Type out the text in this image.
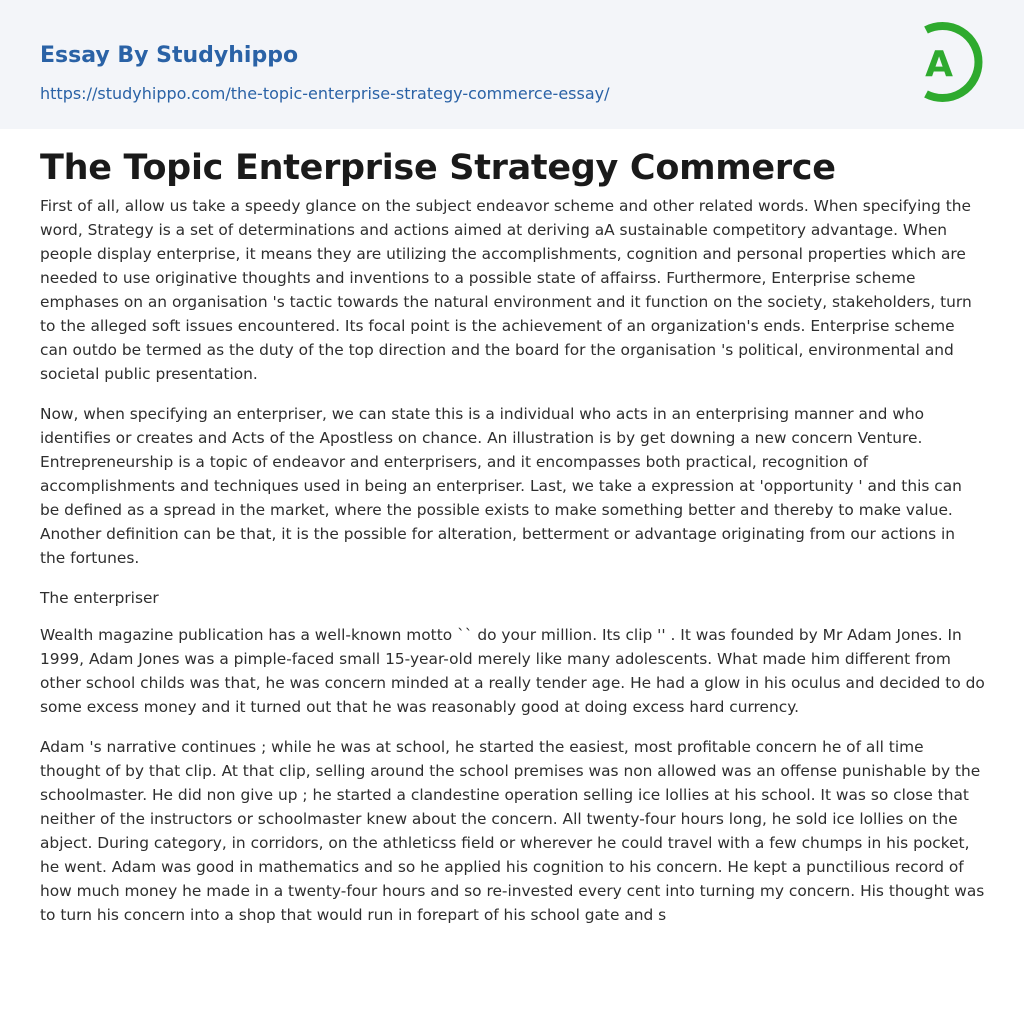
Essay By Studyhippo
https://studyhippo.com/the-topic-enterprise-strategy-commerce-essay/
A
The Topic Enterprise Strategy Commerce

First of all, allow us take a speedy glance on the subject endeavor scheme and other related words. When specifying the word, Strategy is a set of determinations and actions aimed at deriving aA sustainable competitory advantage. When people display enterprise, it means they are utilizing the accomplishments, cognition and personal properties which are needed to use originative thoughts and inventions to a possible state of affairss. Furthermore, Enterprise scheme emphases on an organisation 's tactic towards the natural environment and it function on the society, stakeholders, turn to the alleged soft issues encountered. Its focal point is the achievement of an organization's ends. Enterprise scheme can outdo be termed as the duty of the top direction and the board for the organisation 's political, environmental and societal public presentation.

Now, when specifying an enterpriser, we can state this is a individual who acts in an enterprising manner and who identifies or creates and Acts of the Apostless on chance. An illustration is by get downing a new concern Venture. Entrepreneurship is a topic of endeavor and enterprisers, and it encompasses both practical, recognition of accomplishments and techniques used in being an enterpriser. Last, we take a expression at 'opportunity ' and this can be defined as a spread in the market, where the possible exists to make something better and thereby to make value. Another definition can be that, it is the possible for alteration, betterment or advantage originating from our actions in the fortunes.

The enterpriser

Wealth magazine publication has a well-known motto `` do your million. Its clip '' . It was founded by Mr Adam Jones. In 1999, Adam Jones was a pimple-faced small 15-year-old merely like many adolescents. What made him different from other school childs was that, he was concern minded at a really tender age. He had a glow in his oculus and decided to do some excess money and it turned out that he was reasonably good at doing excess hard currency.

Adam 's narrative continues ; while he was at school, he started the easiest, most profitable concern he of all time thought of by that clip. At that clip, selling around the school premises was non allowed was an offense punishable by the schoolmaster. He did non give up ; he started a clandestine operation selling ice lollies at his school. It was so close that neither of the instructors or schoolmaster knew about the concern. All twenty-four hours long, he sold ice lollies on the abject. During category, in corridors, on the athleticss field or wherever he could travel with a few chumps in his pocket, he went. Adam was good in mathematics and so he applied his cognition to his concern. He kept a punctilious record of how much money he made in a twenty-four hours and so re-invested every cent into turning my concern. His thought was to turn his concern into a shop that would run in forepart of his school gate and s
